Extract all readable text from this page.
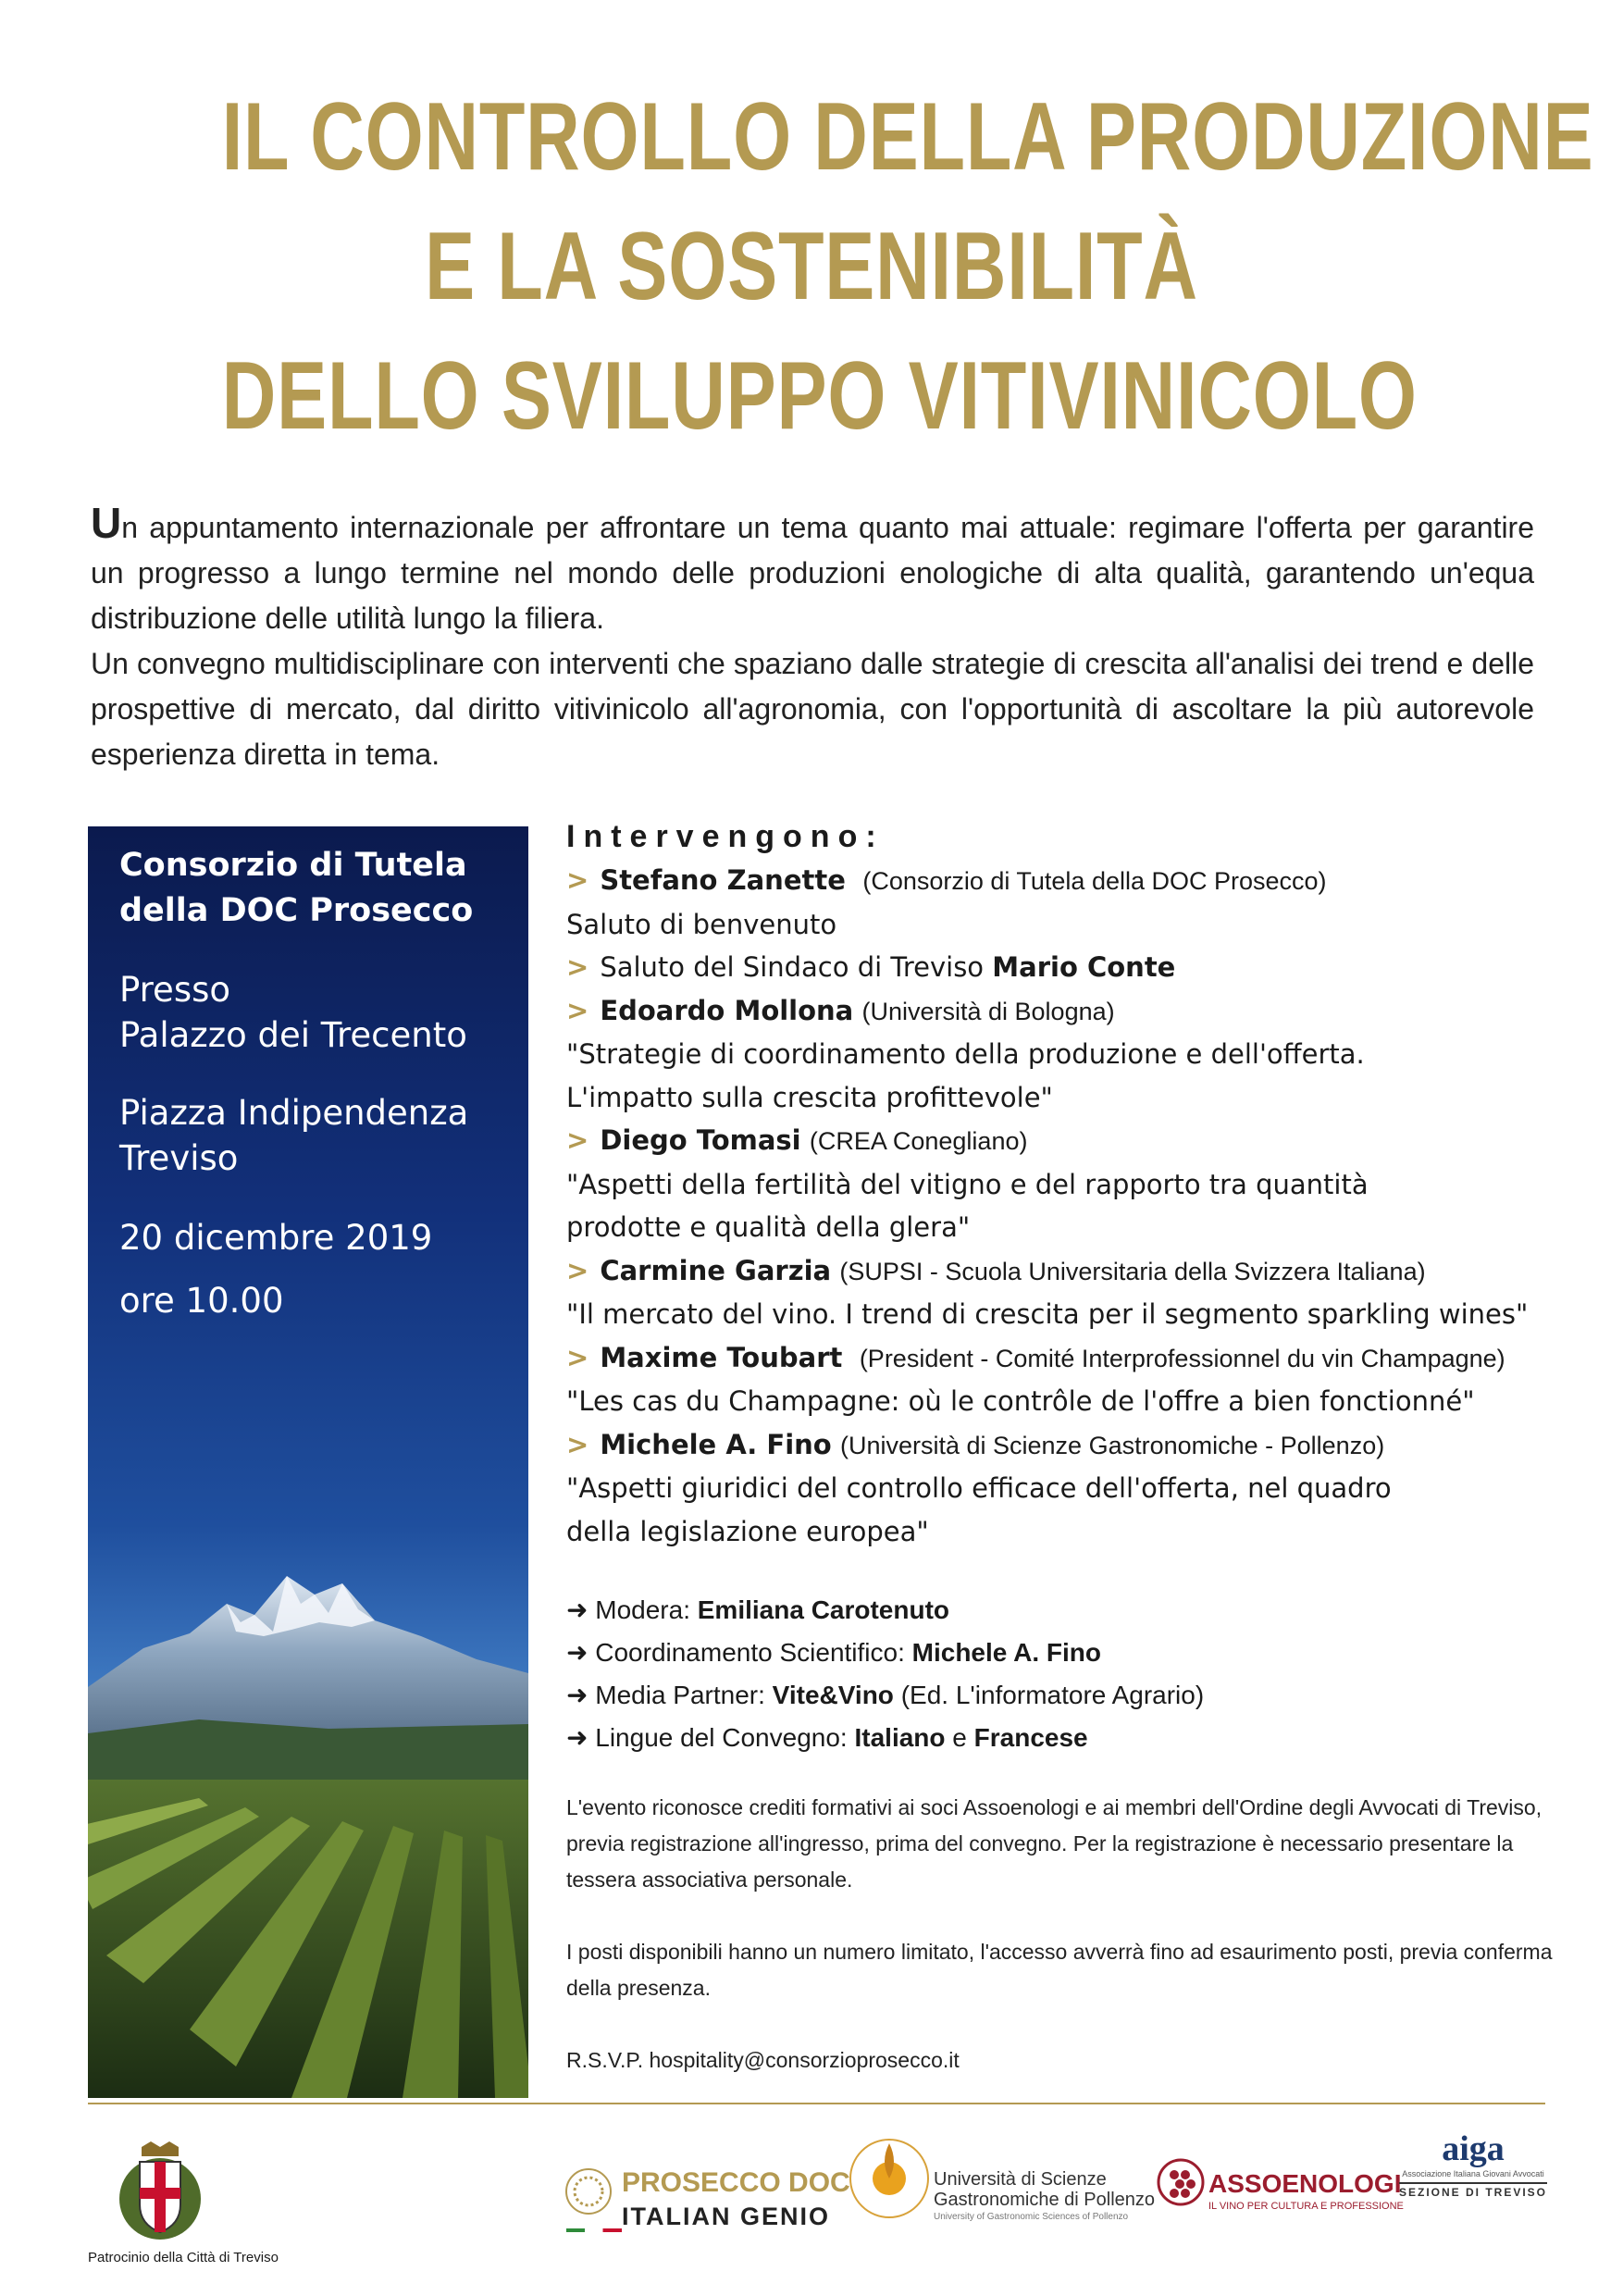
IL CONTROLLO DELLA PRODUZIONE
E LA SOSTENIBILITÀ
DELLO SVILUPPO VITIVINICOLO

Un appuntamento internazionale per affrontare un tema quanto mai attuale: regimare l'offerta per garantire un progresso a lungo termine nel mondo delle produzioni enologiche di alta qualità, garantendo un'equa distribuzione delle utilità lungo la filiera.

Un convegno multidisciplinare con interventi che spaziano dalle strategie di crescita all'analisi dei trend e delle prospettive di mercato, dal diritto vitivinicolo all'agronomia, con l'opportunità di ascoltare la più autorevole esperienza diretta in tema.

Consorzio di Tutela
della DOC Prosecco
Presso
Palazzo dei Trecento
Piazza Indipendenza
Treviso
20 dicembre 2019
ore 10.00
Intervengono:
> Stefano Zanette (Consorzio di Tutela della DOC Prosecco)
Saluto di benvenuto
> Saluto del Sindaco di Treviso Mario Conte
> Edoardo Mollona (Università di Bologna)
"Strategie di coordinamento della produzione e dell'offerta.
L'impatto sulla crescita profittevole"
> Diego Tomasi (CREA Conegliano)
"Aspetti della fertilità del vitigno e del rapporto tra quantità
prodotte e qualità della glera"
> Carmine Garzia (SUPSI - Scuola Universitaria della Svizzera Italiana)
"Il mercato del vino. I trend di crescita per il segmento sparkling wines"
> Maxime Toubart (President - Comité Interprofessionnel du vin Champagne)
"Les cas du Champagne: où le contrôle de l'offre a bien fonctionné"
> Michele A. Fino (Università di Scienze Gastronomiche - Pollenzo)
"Aspetti giuridici del controllo efficace dell'offerta, nel quadro
della legislazione europea"
➜ Modera: Emiliana Carotenuto
➜ Coordinamento Scientifico: Michele A. Fino
➜ Media Partner: Vite&Vino (Ed. L'informatore Agrario)
➜ Lingue del Convegno: Italiano e Francese

L'evento riconosce crediti formativi ai soci Assoenologi e ai membri dell'Ordine degli Avvocati di Treviso, previa registrazione all'ingresso, prima del convegno. Per la registrazione è necessario presentare la tessera associativa personale.

I posti disponibili hanno un numero limitato, l'accesso avverrà fino ad esaurimento posti, previa conferma della presenza.

R.S.V.P. hospitality@consorzioprosecco.it

Patrocinio della Città di Treviso
PROSECCO DOC
ITALIAN GENIO
Università di Scienze
Gastronomiche di Pollenzo
University of Gastronomic Sciences of Pollenzo
ASSOENOLOGI
IL VINO PER CULTURA E PROFESSIONE
aiga
Associazione Italiana Giovani Avvocati
SEZIONE DI TREVISO
